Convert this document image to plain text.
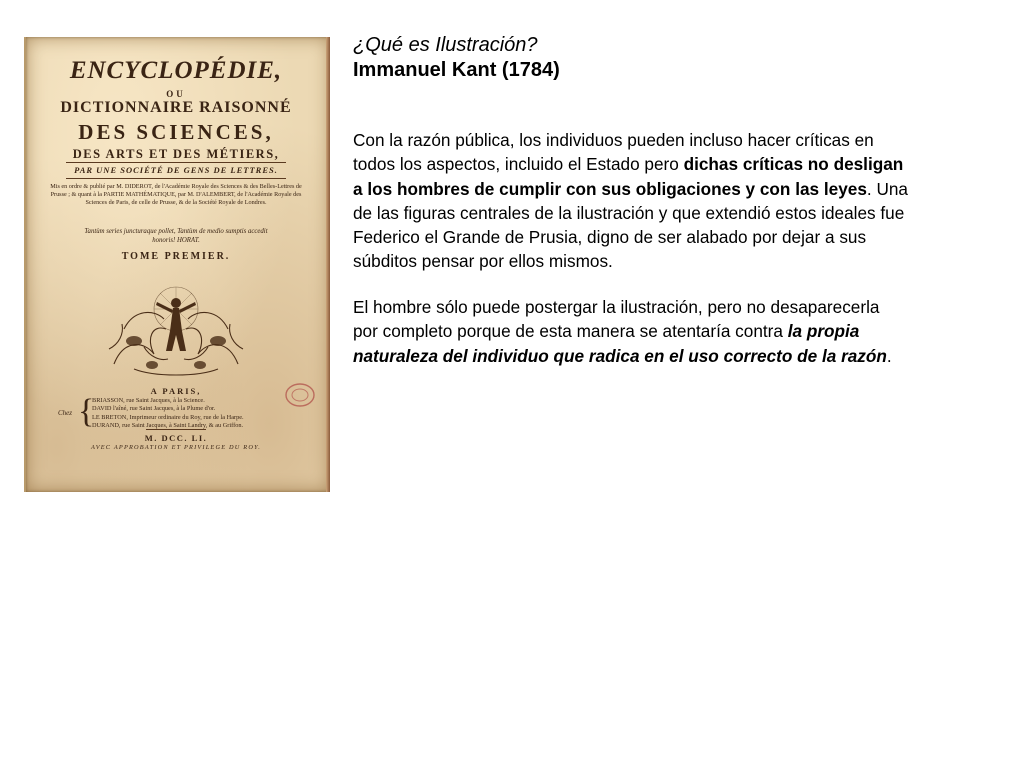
ENCYCLOPÉDIE,
OU
DICTIONNAIRE RAISONNÉ
DES SCIENCES,
DES ARTS ET DES MÉTIERS,
PAR UNE SOCIÉTÉ DE GENS DE LETTRES.
Mis en ordre & publié par M. DIDEROT, de l'Académie Royale des Sciences & des Belles-Lettres de Prusse ; & quant à la PARTIE MATHÉMATIQUE, par M. D'ALEMBERT, de l'Académie Royale des Sciences de Paris, de celle de Prusse, & de la Société Royale de Londres.
Tantùm series juncturaque pollet, Tantùm de medio sumptis accedit honoris! HORAT.
TOME PREMIER.
A PARIS,
Chez {
BRIASSON, rue Saint Jacques, à la Science.
DAVID l'aîné, rue Saint Jacques, à la Plume d'or.
LE BRETON, Imprimeur ordinaire du Roy, rue de la Harpe.
DURAND, rue Saint Jacques, à Saint Landry, & au Griffon.
M. DCC. LI.
AVEC APPROBATION ET PRIVILEGE DU ROY.
¿Qué es Ilustración?
Immanuel Kant (1784)

Con la razón pública, los individuos pueden incluso hacer críticas en
todos los aspectos, incluido el Estado pero dichas críticas no desligan
a los hombres de cumplir con sus obligaciones y con las leyes. Una
de las figuras centrales de la ilustración y que extendió estos ideales fue
Federico el Grande de Prusia, digno de ser alabado por dejar a sus
súbditos pensar por ellos mismos.

El hombre sólo puede postergar la ilustración, pero no desaparecerla
por completo porque de esta manera se atentaría contra la propia
naturaleza del individuo que radica en el uso correcto de la razón.
